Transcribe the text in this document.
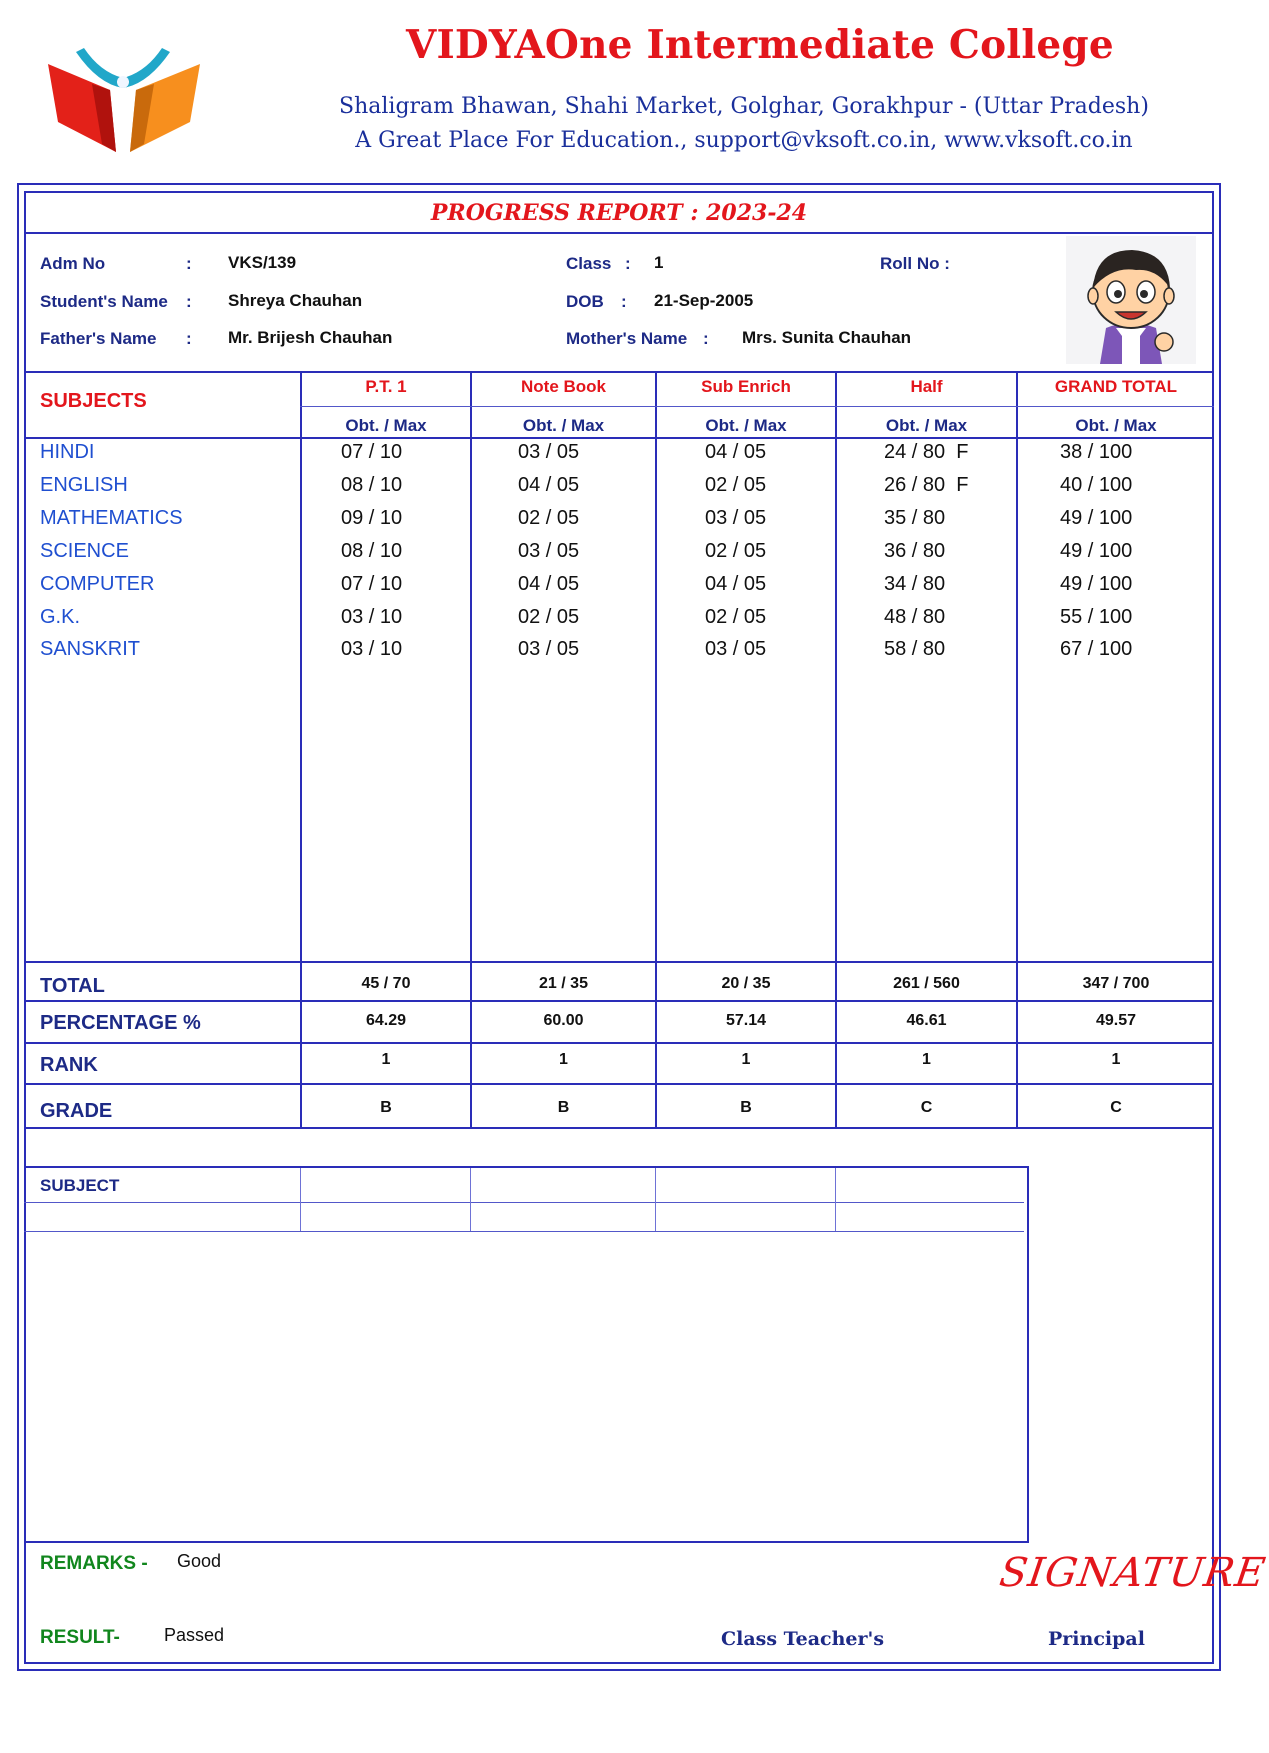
VIDYAOne Intermediate College
Shaligram Bhawan, Shahi Market, Golghar, Gorakhpur - (Uttar Pradesh)
A Great Place For Education., support@vksoft.co.in, www.vksoft.co.in
PROGRESS REPORT : 2023-24
Adm No	: VKS/139
Student's Name : Shreya Chauhan
Father's Name : Mr. Brijesh Chauhan
Class : 1
DOB : 21-Sep-2005
Mother's Name : Mrs. Sunita Chauhan
Roll No :
SUBJECTS
P.T. 1	Note Book	Sub Enrich	Half	GRAND TOTAL
Obt. / Max	Obt. / Max	Obt. / Max	Obt. / Max	Obt. / Max
HINDI	07 / 10	03 / 05	04 / 05	24 / 80  F	38 / 100
ENGLISH	08 / 10	04 / 05	02 / 05	26 / 80  F	40 / 100
MATHEMATICS	09 / 10	02 / 05	03 / 05	35 / 80	49 / 100
SCIENCE	08 / 10	03 / 05	02 / 05	36 / 80	49 / 100
COMPUTER	07 / 10	04 / 05	04 / 05	34 / 80	49 / 100
G.K.	03 / 10	02 / 05	02 / 05	48 / 80	55 / 100
SANSKRIT	03 / 10	03 / 05	03 / 05	58 / 80	67 / 100
TOTAL	45 / 70	21 / 35	20 / 35	261 / 560	347 / 700
PERCENTAGE %	64.29	60.00	57.14	46.61	49.57
RANK	1	1	1	1	1
GRADE	B	B	B	C	C
SUBJECT
REMARKS - Good
RESULT- Passed
SIGNATURE
Class Teacher's	Principal
